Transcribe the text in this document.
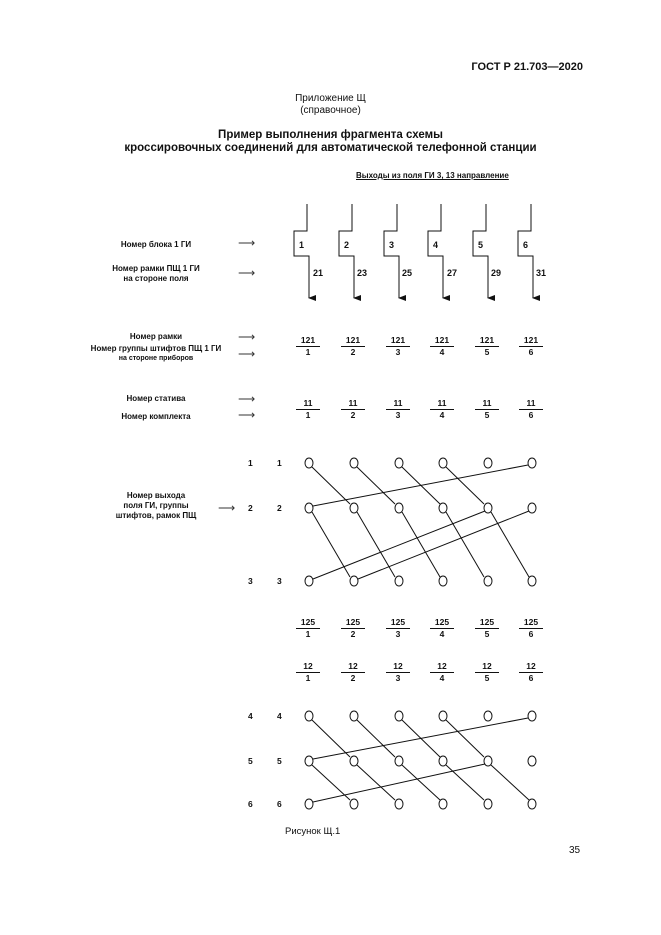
ГОСТ Р 21.703—2020
Приложение Щ
(справочное)
Пример выполнения фрагмента схемы
кроссировочных соединений для автоматической телефонной станции
Выходы из поля ГИ 3, 13 направление
Номер блока 1 ГИ
Номер рамки ПЩ 1 ГИ
на стороне поля
Номер рамки
Номер группы штифтов ПЩ 1 ГИ
на стороне приборов
Номер статива
Номер комплекта
Номер выхода
поля ГИ, группы
штифтов, рамок ПЩ
⟶
⟶
⟶
⟶
⟶
⟶
⟶
1	2	3	4	5	6
21	23	25	27	29	31
$\frac{121}{1} \frac{121}{2} \frac{121}{3} \frac{121}{4} \frac{121}{5} \frac{121}{6}$
$\frac{11}{1} \frac{11}{2} \frac{11}{3} \frac{11}{4} \frac{11}{5} \frac{11}{6}$
1	1
2	2
3	3
$\frac{125}{1} \frac{125}{2} \frac{125}{3} \frac{125}{4} \frac{125}{5} \frac{125}{6}$
$\frac{12}{1} \frac{12}{2} \frac{12}{3} \frac{12}{4} \frac{12}{5} \frac{12}{6}$
4	4
5	5
6	6
Рисунок Щ.1
35
